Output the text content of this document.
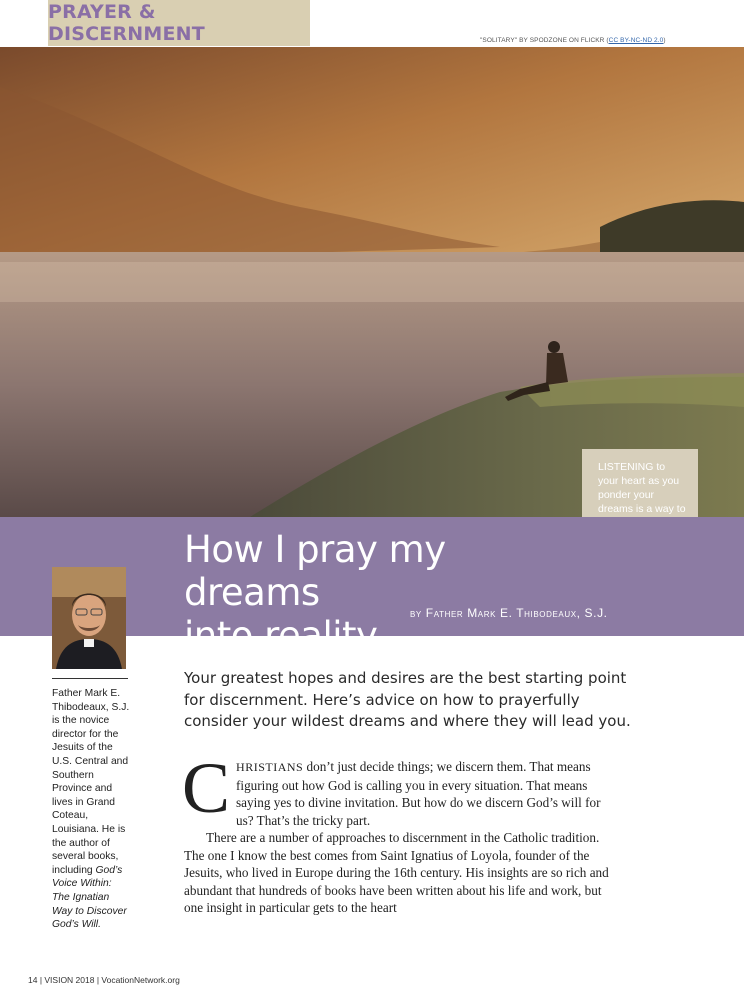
PRAYER & DISCERNMENT	"SOLITARY" BY SPODZONE ON FLICKR (CC BY-NC-ND 2.0)
LISTENING to your heart as you ponder your dreams is a way to
How I pray my dreams
into reality
by Father Mark E. Thibodeaux, S.J.
Father Mark E. Thibodeaux, S.J. is the novice director for the Jesuits of the U.S. Central and Southern Province and lives in Grand Coteau, Louisiana. He is the author of several books, including God’s Voice Within: The Ignatian Way to Discover God’s Will.
Your greatest hopes and desires are the best starting point for discernment. Here’s advice on how to prayerfully consider your wildest dreams and where they will lead you.

CHRISTIANS don’t just decide things; we discern them. That means figuring out how God is calling you in every situation. That means saying yes to divine invitation. But how do we discern God’s will for us? That’s the tricky part.

There are a number of approaches to discernment in the Catholic tradition. The one I know the best comes from Saint Ignatius of Loyola, founder of the Jesuits, who lived in Europe during the 16th century. His insights are so rich and abundant that hundreds of books have been written about his life and work, but one insight in particular gets to the heart

14 | VISION 2018 | VocationNetwork.org
